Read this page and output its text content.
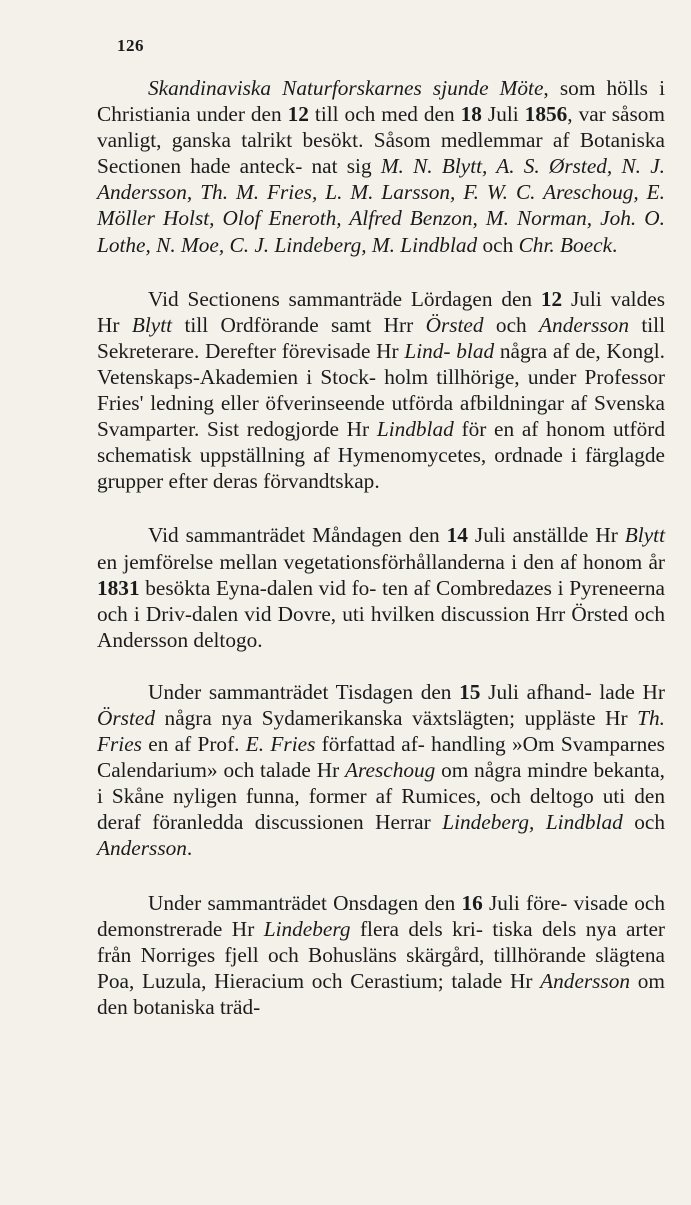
126

Skandinaviska Naturforskarnes sjunde Möte, som hölls i Christiania under den 12 till och med den 18 Juli 1856, var såsom vanligt, ganska talrikt besökt. Såsom medlemmar af Botaniska Sectionen hade anteck- nat sig M. N. Blytt, A. S. Ørsted, N. J. Andersson, Th. M. Fries, L. M. Larsson, F. W. C. Areschoug, E. Möller Holst, Olof Eneroth, Alfred Benzon, M. Norman, Joh. O. Lothe, N. Moe, C. J. Lindeberg, M. Lindblad och Chr. Boeck.

Vid Sectionens sammanträde Lördagen den 12 Juli valdes Hr Blytt till Ordförande samt Hrr Örsted och Andersson till Sekreterare. Derefter förevisade Hr Lind- blad några af de, Kongl. Vetenskaps-Akademien i Stock- holm tillhörige, under Professor Fries' ledning eller öfverinseende utförda afbildningar af Svenska Svamparter. Sist redogjorde Hr Lindblad för en af honom utförd schematisk uppställning af Hymenomycetes, ordnade i färglagde grupper efter deras förvandtskap.

Vid sammanträdet Måndagen den 14 Juli anställde Hr Blytt en jemförelse mellan vegetationsförhållanderna i den af honom år 1831 besökta Eyna-dalen vid fo- ten af Combredazes i Pyreneerna och i Driv-dalen vid Dovre, uti hvilken discussion Hrr Örsted och Andersson deltogo.

Under sammanträdet Tisdagen den 15 Juli afhand- lade Hr Örsted några nya Sydamerikanska växtslägten; uppläste Hr Th. Fries en af Prof. E. Fries författad af- handling »Om Svamparnes Calendarium» och talade Hr Areschoug om några mindre bekanta, i Skåne nyligen funna, former af Rumices, och deltogo uti den deraf föranledda discussionen Herrar Lindeberg, Lindblad och Andersson.

Under sammanträdet Onsdagen den 16 Juli före- visade och demonstrerade Hr Lindeberg flera dels kri- tiska dels nya arter från Norriges fjell och Bohusläns skärgård, tillhörande slägtena Poa, Luzula, Hieracium och Cerastium; talade Hr Andersson om den botaniska träd-
